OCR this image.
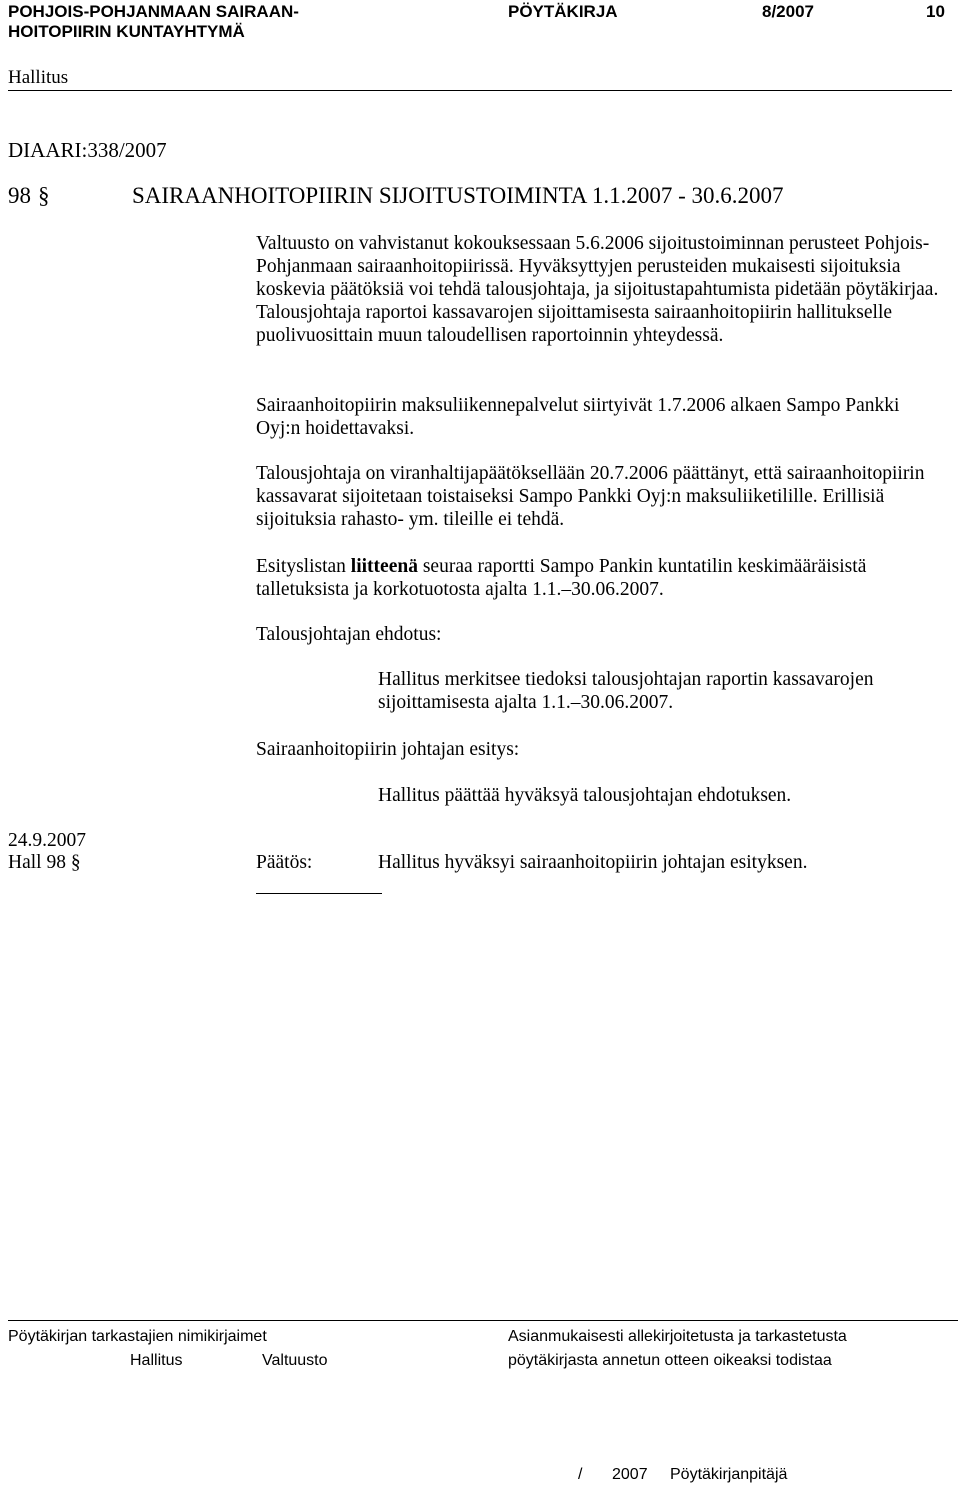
POHJOIS-POHJANMAAN SAIRAAN-
HOITOPIIRIN KUNTAYHTYMÄ
PÖYTÄKIRJA	8/2007	10
Hallitus
DIAARI:338/2007
98 §	SAIRAANHOITOPIIRIN SIJOITUSTOIMINTA 1.1.2007 - 30.6.2007

Valtuusto on vahvistanut kokouksessaan 5.6.2006 sijoitustoiminnan perusteet Pohjois-Pohjanmaan sairaanhoitopiirissä. Hyväksyttyjen perusteiden mukaisesti sijoituksia koskevia päätöksiä voi tehdä talousjohtaja, ja sijoitustapahtumista pidetään pöytäkirjaa. Talousjohtaja raportoi kassavarojen sijoittamisesta sairaanhoitopiirin hallitukselle puolivuosittain muun taloudellisen raportoinnin yhteydessä.

Sairaanhoitopiirin maksuliikennepalvelut siirtyivät 1.7.2006 alkaen Sampo Pankki Oyj:n hoidettavaksi.

Talousjohtaja on viranhaltijapäätöksellään 20.7.2006 päättänyt, että sairaanhoitopiirin kassavarat sijoitetaan toistaiseksi Sampo Pankki Oyj:n maksuliiketilille. Erillisiä sijoituksia rahasto- ym. tileille ei tehdä.

Esityslistan liitteenä seuraa raportti Sampo Pankin kuntatilin keskimääräisistä talletuksista ja korkotuotosta ajalta 1.1.–30.06.2007.

Talousjohtajan ehdotus:
Hallitus merkitsee tiedoksi talousjohtajan raportin kassavarojen sijoittamisesta ajalta 1.1.–30.06.2007.
Sairaanhoitopiirin johtajan esitys:
Hallitus päättää hyväksyä talousjohtajan ehdotuksen.
24.9.2007
Hall 98 §	Päätös:	Hallitus hyväksyi sairaanhoitopiirin johtajan esityksen.
Pöytäkirjan tarkastajien nimikirjaimet
Hallitus	Valtuusto
Asianmukaisesti allekirjoitetusta ja tarkastetusta
pöytäkirjasta annetun otteen oikeaksi todistaa
/ 2007 Pöytäkirjanpitäjä
